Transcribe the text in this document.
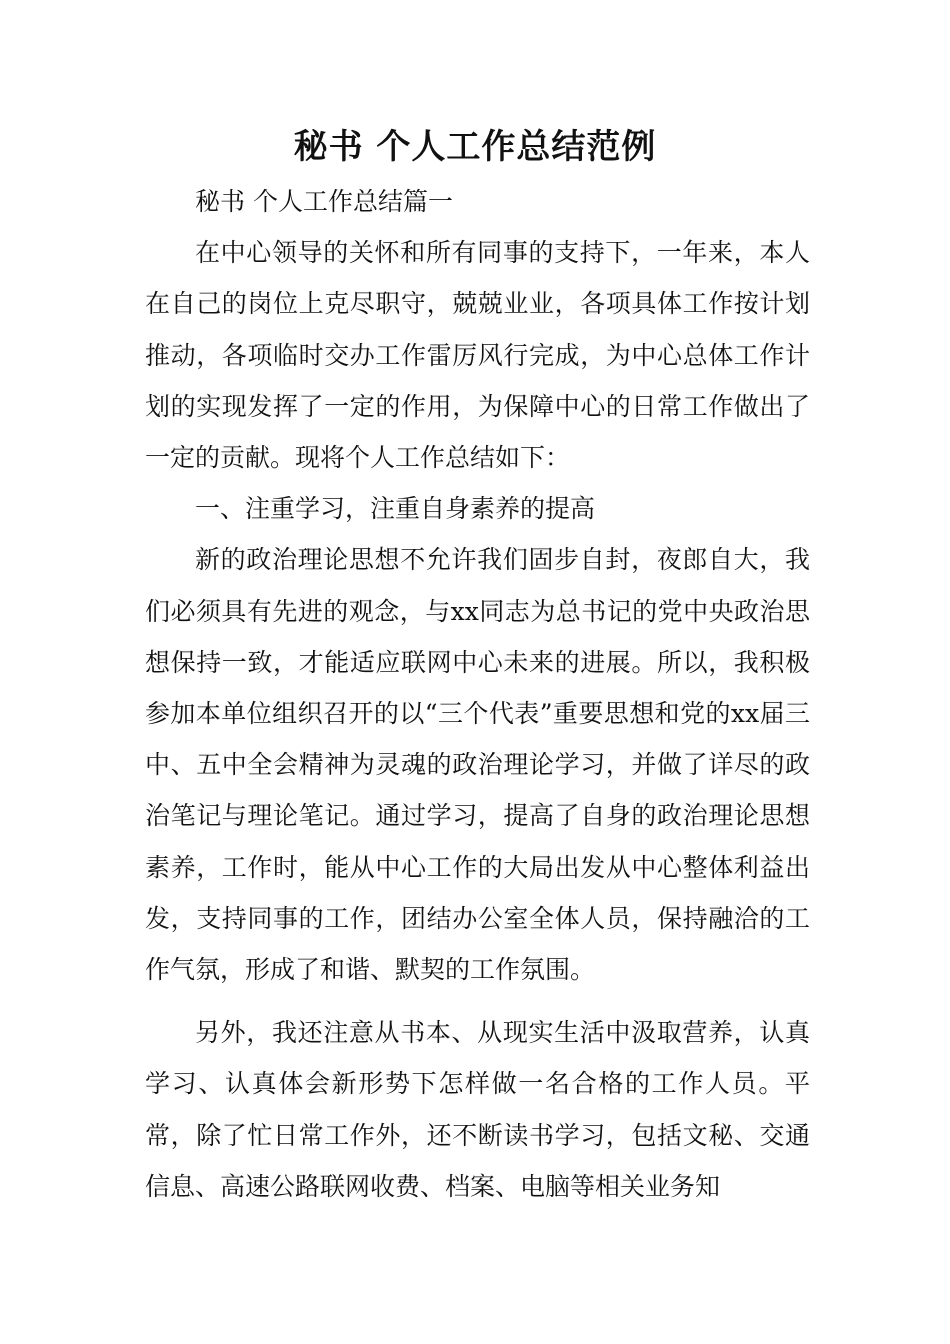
秘书 个人工作总结范例

秘书 个人工作总结篇一

在中心领导的关怀和所有同事的支持下，一年来，本人在自己的岗位上克尽职守，兢兢业业，各项具体工作按计划推动，各项临时交办工作雷厉风行完成，为中心总体工作计划的实现发挥了一定的作用，为保障中心的日常工作做出了一定的贡献。现将个人工作总结如下：

一、注重学习，注重自身素养的提高

新的政治理论思想不允许我们固步自封，夜郎自大，我们必须具有先进的观念，与xx同志为总书记的党中央政治思想保持一致，才能适应联网中心未来的进展。所以，我积极参加本单位组织召开的以“三个代表”重要思想和党的xx届三中、五中全会精神为灵魂的政治理论学习，并做了详尽的政治笔记与理论笔记。通过学习，提高了自身的政治理论思想素养，工作时，能从中心工作的大局出发从中心整体利益出发，支持同事的工作，团结办公室全体人员，保持融洽的工作气氛，形成了和谐、默契的工作氛围。

另外，我还注意从书本、从现实生活中汲取营养，认真学习、认真体会新形势下怎样做一名合格的工作人员。平常，除了忙日常工作外，还不断读书学习，包括文秘、交通信息、高速公路联网收费、档案、电脑等相关业务知
